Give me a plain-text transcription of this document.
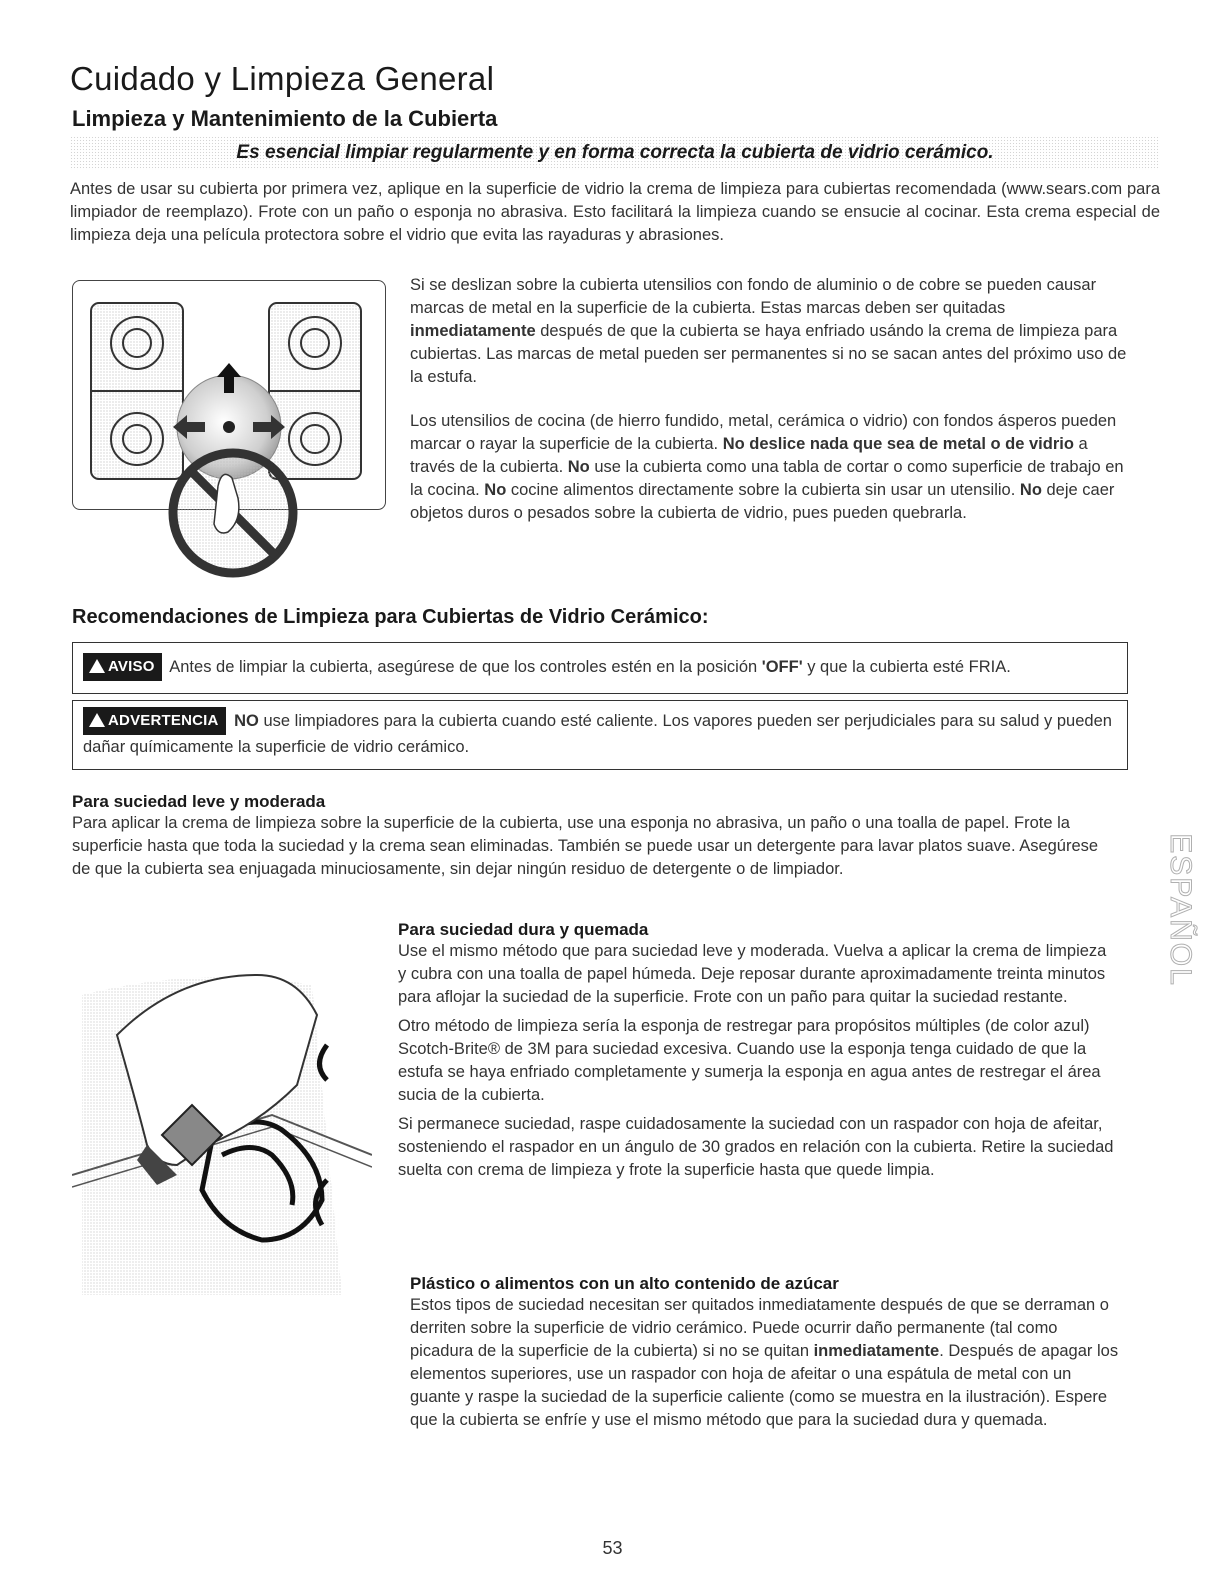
Cuidado y Limpieza General
Limpieza y Mantenimiento de la Cubierta
Es esencial limpiar regularmente y en forma correcta la cubierta de vidrio cerámico.

Antes de usar su cubierta por primera vez, aplique en la superficie de vidrio la crema de limpieza para cubiertas recomendada (www.sears.com para limpiador de reemplazo). Frote con un paño o esponja no abrasiva. Esto facilitará la limpieza cuando se ensucie al cocinar. Esta crema especial de limpieza deja una película protectora sobre el vidrio que evita las rayaduras y abrasiones.

Si se deslizan sobre la cubierta utensilios con fondo de aluminio o de cobre se pueden causar marcas de metal en la superficie de la cubierta. Estas marcas deben ser quitadas inmediatamente después de que la cubierta se haya enfriado usándo la crema de limpieza para cubiertas. Las marcas de metal pueden ser permanentes si no se sacan antes del próximo uso de la estufa.

Los utensilios de cocina (de hierro fundido, metal, cerámica o vidrio) con fondos ásperos pueden marcar o rayar la superficie de la cubierta. No deslice nada que sea de metal o de vidrio a través de la cubierta. No use la cubierta como una tabla de cortar o como superficie de trabajo en la cocina. No cocine alimentos directamente sobre la cubierta sin usar un utensilio. No deje caer objetos duros o pesados sobre la cubierta de vidrio, pues pueden quebrarla.

Recomendaciones de Limpieza para Cubiertas de Vidrio Cerámico:
AVISO Antes de limpiar la cubierta, asegúrese de que los controles estén en la posición 'OFF' y que la cubierta esté FRIA.
ADVERTENCIA NO use limpiadores para la cubierta cuando esté caliente. Los vapores pueden ser perjudiciales para su salud y pueden dañar químicamente la superficie de vidrio cerámico.
Para suciedad leve y moderada

Para aplicar la crema de limpieza sobre la superficie de la cubierta, use una esponja no abrasiva, un paño o una toalla de papel. Frote la superficie hasta que toda la suciedad y la crema sean eliminadas. También se puede usar un detergente para lavar platos suave. Asegúrese de que la cubierta sea enjuagada minuciosamente, sin dejar ningún residuo de detergente o de limpiador.

Para suciedad dura y quemada

Use el mismo método que para suciedad leve y moderada. Vuelva a aplicar la crema de limpieza y cubra con una toalla de papel húmeda. Deje reposar durante aproximadamente treinta minutos para aflojar la suciedad de la superficie. Frote con un paño para quitar la suciedad restante.

Otro método de limpieza sería la esponja de restregar para propósitos múltiples (de color azul) Scotch-Brite® de 3M para suciedad excesiva. Cuando use la esponja tenga cuidado de que la estufa se haya enfriado completamente y sumerja la esponja en agua antes de restregar el área sucia de la cubierta.

Si permanece suciedad, raspe cuidadosamente la suciedad con un raspador con hoja de afeitar, sosteniendo el raspador en un ángulo de 30 grados en relación con la cubierta. Retire la suciedad suelta con crema de limpieza y frote la superficie hasta que quede limpia.

Plástico o alimentos con un alto contenido de azúcar

Estos tipos de suciedad necesitan ser quitados inmediatamente después de que se derraman o derriten sobre la superficie de vidrio cerámico. Puede ocurrir daño permanente (tal como picadura de la superficie de la cubierta) si no se quitan inmediatamente. Después de apagar los elementos superiores, use un raspador con hoja de afeitar o una espátula de metal con un guante y raspe la suciedad de la superficie caliente (como se muestra en la ilustración). Espere que la cubierta se enfríe y use el mismo método que para la suciedad dura y quemada.

ESPAÑOL
53
